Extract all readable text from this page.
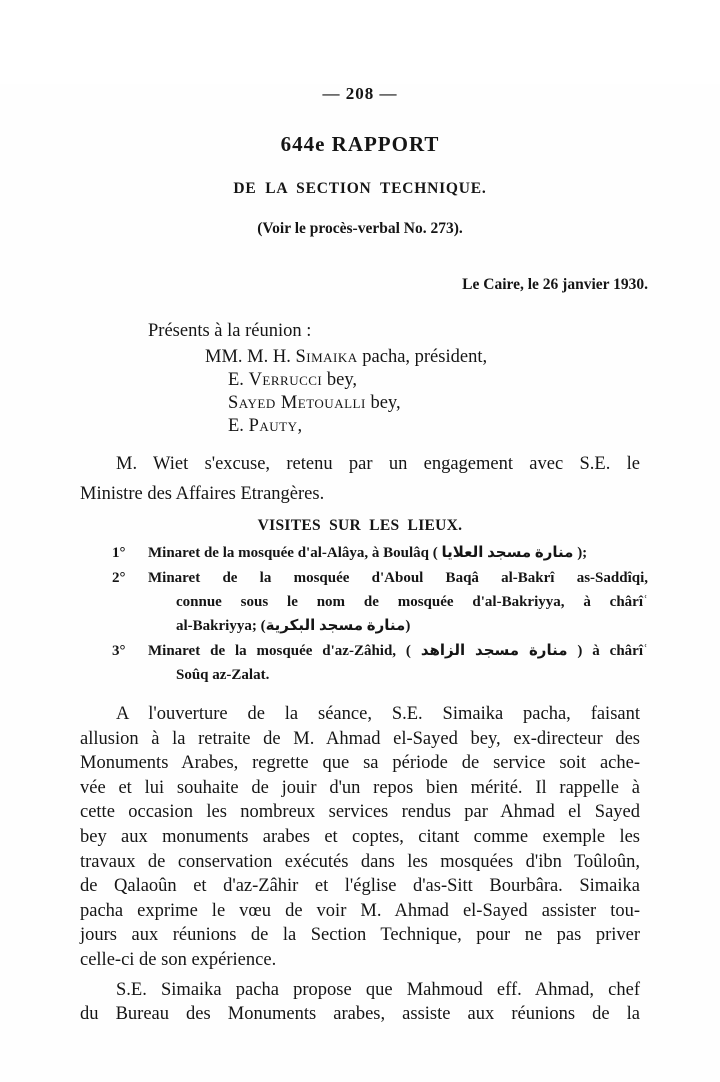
— 208 —
644e RAPPORT
DE LA SECTION TECHNIQUE.
(Voir le procès-verbal No. 273).
Le Caire, le 26 janvier 1930.
Présents à la réunion :
MM. M. H. Simaika pacha, président,
E. Verrucci bey,
Sayed Metoualli bey,
E. Pauty,
M. Wiet s'excuse, retenu par un engagement avec S.E. le
Ministre des Affaires Etrangères.
VISITES SUR LES LIEUX.
1° Minaret de la mosquée d'al-Alâya, à Boulâq ( منارة مسجد العلايا );
2° Minaret de la mosquée d'Aboul Baqâ al-Bakrî as-Saddîqi,
connue sous le nom de mosquée d'al-Bakriyya, à chârîʿ
al-Bakriyya; (منارة مسجد البكرية)
3° Minaret de la mosquée d'az-Zâhid, ( منارة مسجد الزاهد ) à chârîʿ
Soûq az-Zalat.
A l'ouverture de la séance, S.E. Simaika pacha, faisant
allusion à la retraite de M. Ahmad el-Sayed bey, ex-directeur des
Monuments Arabes, regrette que sa période de service soit ache-
vée et lui souhaite de jouir d'un repos bien mérité. Il rappelle à
cette occasion les nombreux services rendus par Ahmad el Sayed
bey aux monuments arabes et coptes, citant comme exemple les
travaux de conservation exécutés dans les mosquées d'ibn Toûloûn,
de Qalaoûn et d'az-Zâhir et l'église d'as-Sitt Bourbâra. Simaika
pacha exprime le vœu de voir M. Ahmad el-Sayed assister tou-
jours aux réunions de la Section Technique, pour ne pas priver
celle-ci de son expérience.
S.E. Simaika pacha propose que Mahmoud eff. Ahmad, chef
du Bureau des Monuments arabes, assiste aux réunions de la
